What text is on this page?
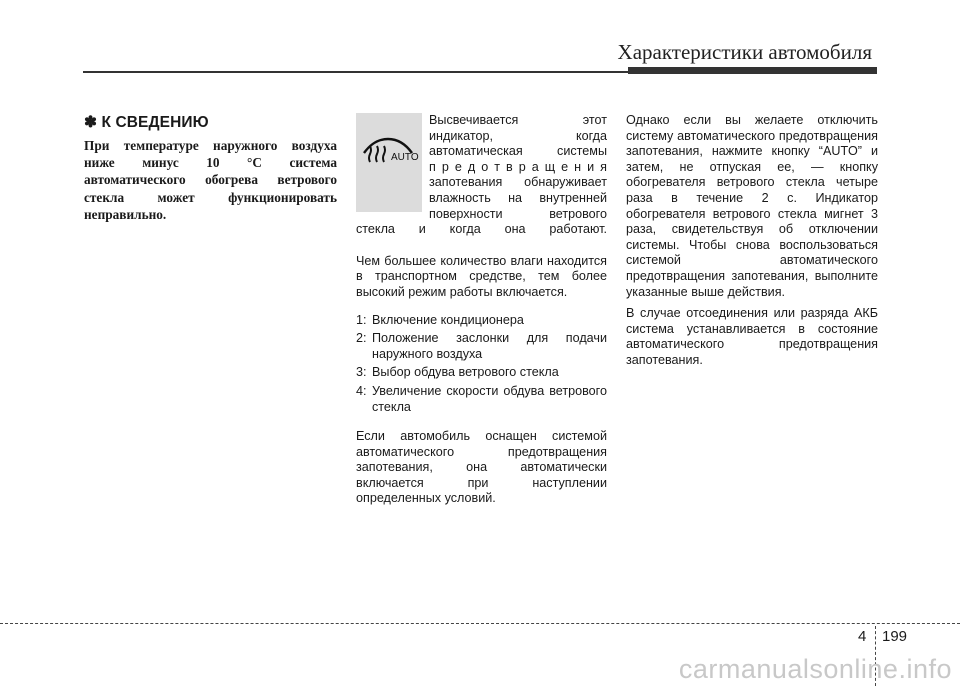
Характеристики автомобиля
✽ К СВЕДЕНИЮ
При температуре наружного воздуха ниже минус 10 °С система автоматического обогрева ветрового стекла может функционировать неправильно.
AUTO
Высвечивается этот
индикатор, когда
автоматическая системы
п р е д о т в р а щ е н и я
запотевания обнаруживает
влажность на внутренней
поверхности ветрового
стекла и когда она работают.

Чем большее количество влаги находится в транспортном средстве, тем более высокий режим работы включается.

1: Включение кондиционера
2: Положение заслонки для подачи наружного воздуха
3: Выбор обдува ветрового стекла
4: Увеличение скорости обдува ветрового стекла

Если автомобиль оснащен системой автоматического предотвращения запотевания, она автоматически включается при наступлении определенных условий.

Однако если вы желаете отключить систему автоматического предотвращения запотевания, нажмите кнопку “AUTO” и затем, не отпуская ее, — кнопку обогревателя ветрового стекла четыре раза в течение 2 с. Индикатор обогревателя ветрового стекла мигнет 3 раза, свидетельствуя об отключении системы. Чтобы снова воспользоваться системой автоматического предотвращения запотевания, выполните указанные выше действия.

В случае отсоединения или разряда АКБ система устанавливается в состояние автоматического предотвращения запотевания.

4 199
carmanualsonline.info
